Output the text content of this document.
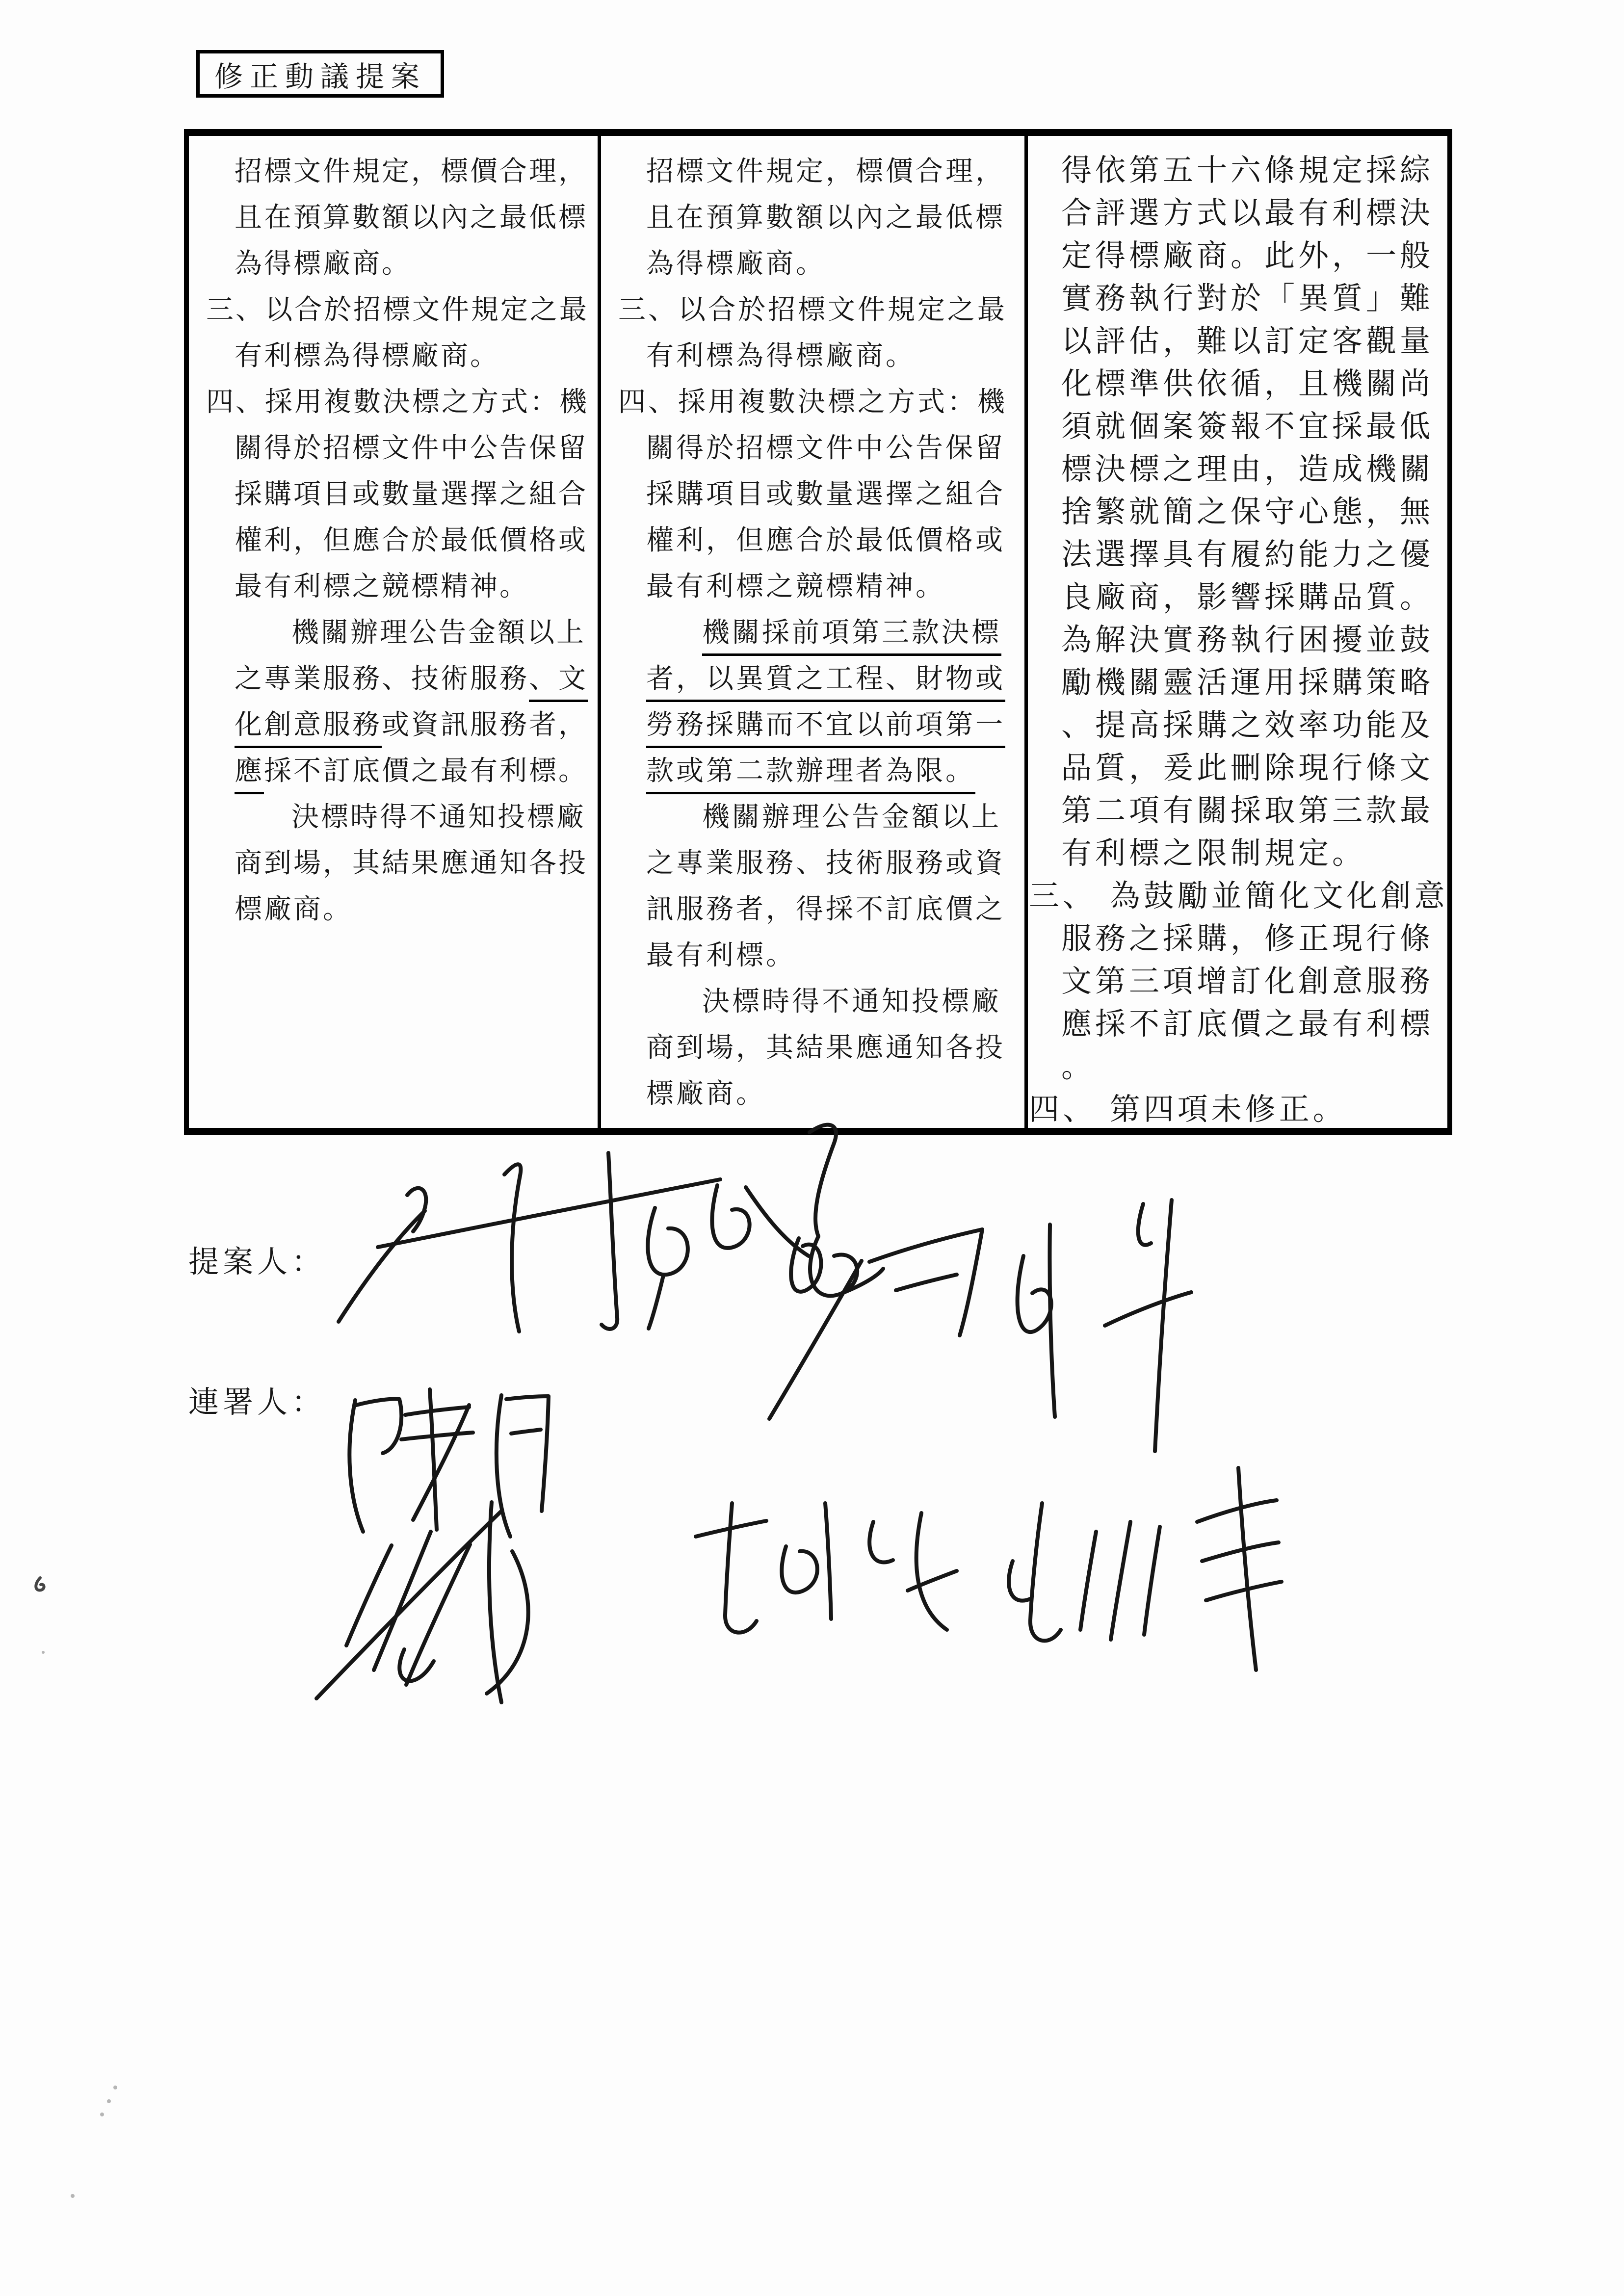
修正動議提案
招標文件規定，標價合理，
且在預算數額以內之最低標
為得標廠商。
三、以合於招標文件規定之最
有利標為得標廠商。
四、採用複數決標之方式：機
關得於招標文件中公告保留
採購項目或數量選擇之組合
權利，但應合於最低價格或
最有利標之競標精神。
機關辦理公告金額以上
之專業服務、技術服務、文
化創意服務或資訊服務者，
應採不訂底價之最有利標。
決標時得不通知投標廠
商到場，其結果應通知各投
標廠商。
招標文件規定，標價合理，
且在預算數額以內之最低標
為得標廠商。
三、以合於招標文件規定之最
有利標為得標廠商。
四、採用複數決標之方式：機
關得於招標文件中公告保留
採購項目或數量選擇之組合
權利，但應合於最低價格或
最有利標之競標精神。
機關採前項第三款決標
者，以異質之工程、財物或
勞務採購而不宜以前項第一
款或第二款辦理者為限。
機關辦理公告金額以上
之專業服務、技術服務或資
訊服務者，得採不訂底價之
最有利標。
決標時得不通知投標廠
商到場，其結果應通知各投
標廠商。
得依第五十六條規定採綜
合評選方式以最有利標決
定得標廠商。此外，一般
實務執行對於「異質」難
以評估，難以訂定客觀量
化標準供依循，且機關尚
須就個案簽報不宜採最低
標決標之理由，造成機關
捨繁就簡之保守心態，無
法選擇具有履約能力之優
良廠商，影響採購品質。
為解決實務執行困擾並鼓
勵機關靈活運用採購策略
、提高採購之效率功能及
品質，爰此刪除現行條文
第二項有關採取第三款最
有利標之限制規定。
三、 為鼓勵並簡化文化創意
服務之採購，修正現行條
文第三項增訂化創意服務
應採不訂底價之最有利標
。
四、 第四項未修正。
提案人：
連署人：
